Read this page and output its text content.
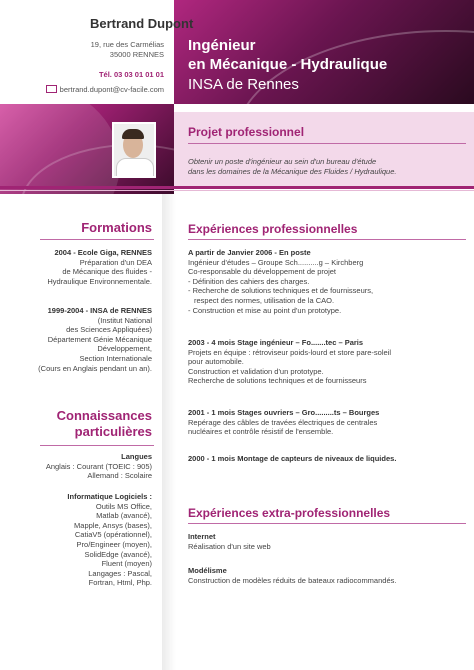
Bertrand Dupont
19, rue des Carmélias
35000 RENNES
Tél. 03 03 01 01 01
bertrand.dupont@cv-facile.com
Ingénieur
en Mécanique - Hydraulique
INSA de Rennes
Projet professionnel
Obtenir un poste d'ingénieur au sein d'un bureau d'étude
dans les domaines de la Mécanique des Fluides / Hydraulique.
Formations
2004 - Ecole Giga, RENNES
Préparation d'un DEA
de Mécanique des fluides -
Hydraulique Environnementale.
1999-2004 - INSA de RENNES
(Institut National
des Sciences Appliquées)
Département Génie Mécanique
Développement,
Section Internationale
(Cours en Anglais pendant un an).
Connaissances
particulières
Langues
Anglais : Courant (TOEIC : 905)
Allemand : Scolaire
Informatique Logiciels :
Outils MS Office,
Matlab (avancé),
Mapple, Ansys (bases),
CatiaV5 (opérationnel),
Pro/Engineer (moyen),
SolidEdge (avancé),
Fluent (moyen)
Langages : Pascal,
Fortran, Html, Php.
Expériences professionnelles
A partir de Janvier 2006 - En poste
Ingénieur d'études – Groupe Sch..........g – Kirchberg
Co-responsable du développement de projet
- Définition des cahiers des charges.
- Recherche de solutions techniques et de fournisseurs,
respect des normes, utilisation de la CAO.
- Construction et mise au point d'un prototype.
2003 - 4 mois Stage ingénieur – Fo.......tec – Paris
Projets en équipe : rétroviseur poids-lourd et store pare-soleil
pour automobile.
Construction et validation d'un prototype.
Recherche de solutions techniques et de fournisseurs
2001 - 1 mois Stages ouvriers – Gro.........ts – Bourges
Repérage des câbles de travées électriques de centrales
nucléaires et contrôle résistif de l'ensemble.
2000 - 1 mois Montage de capteurs de niveaux de liquides.
Expériences extra-professionnelles
Internet
Réalisation d'un site web
Modélisme
Construction de modèles réduits de bateaux radiocommandés.
